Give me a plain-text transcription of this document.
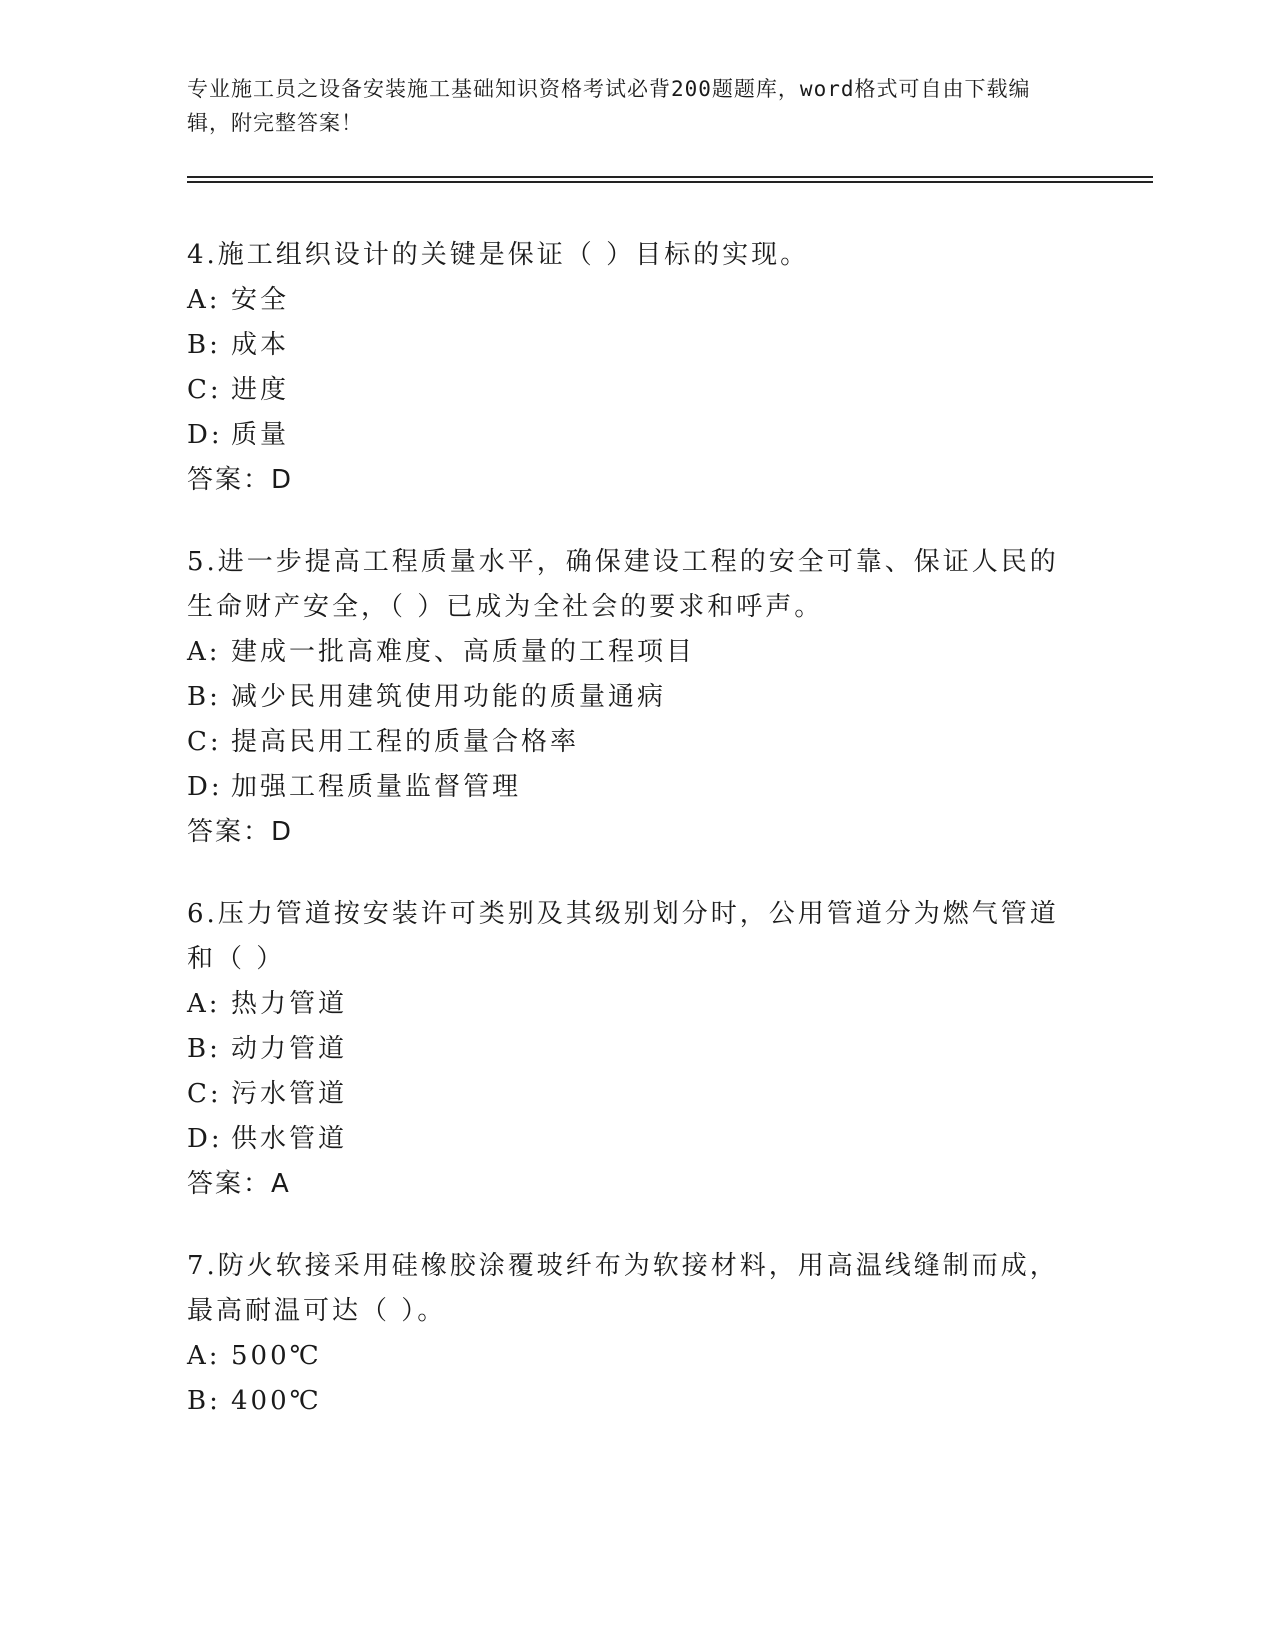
专业施工员之设备安装施工基础知识资格考试必背200题题库，word格式可自由下载编辑，附完整答案！
4.施工组织设计的关键是保证（ ）目标的实现。
A: 安全
B: 成本
C: 进度
D: 质量
答案：D
5.进一步提高工程质量水平，确保建设工程的安全可靠、保证人民的生命财产安全，（ ）已成为全社会的要求和呼声。
A: 建成一批高难度、高质量的工程项目
B: 减少民用建筑使用功能的质量通病
C: 提高民用工程的质量合格率
D: 加强工程质量监督管理
答案：D
6.压力管道按安装许可类别及其级别划分时，公用管道分为燃气管道和（ ）
A: 热力管道
B: 动力管道
C: 污水管道
D: 供水管道
答案：A
7.防火软接采用硅橡胶涂覆玻纤布为软接材料，用高温线缝制而成，最高耐温可达（ ）。
A: 500℃
B: 400℃
